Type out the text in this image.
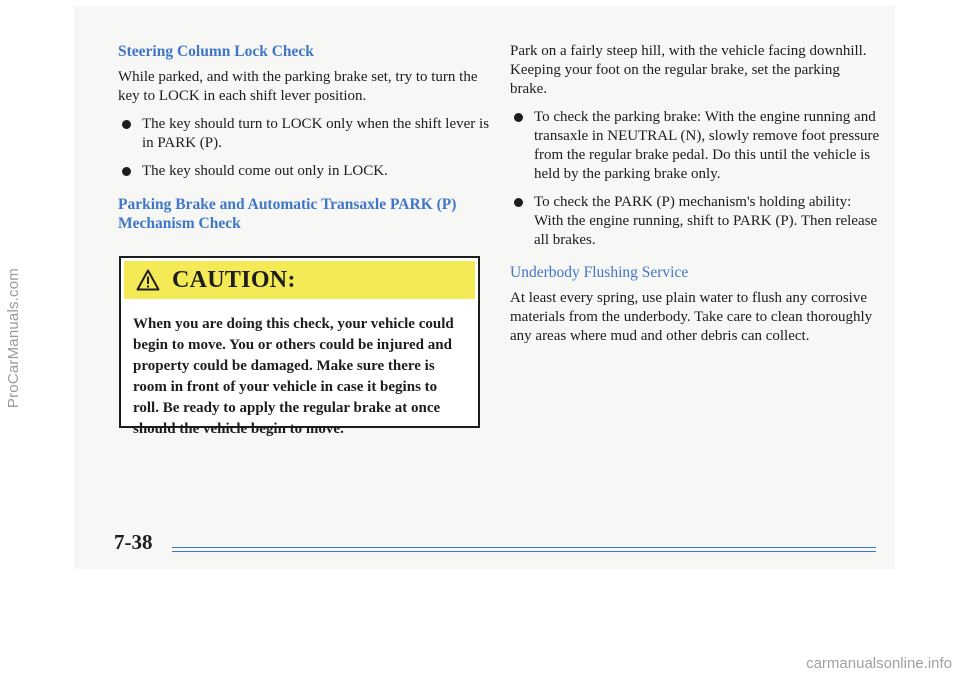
ProCarManuals.com
Steering Column Lock Check

While parked, and with the parking brake set, try to turn the key to LOCK in each shift lever position.

The key should turn to LOCK only when the shift lever is in PARK (P).
The key should come out only in LOCK.
Parking Brake and Automatic Transaxle PARK (P) Mechanism Check
CAUTION:
When you are doing this check, your vehicle could begin to move. You or others could be injured and property could be damaged. Make sure there is room in front of your vehicle in case it begins to roll. Be ready to apply the regular brake at once should the vehicle begin to move.

Park on a fairly steep hill, with the vehicle facing downhill. Keeping your foot on the regular brake, set the parking brake.

To check the parking brake: With the engine running and transaxle in NEUTRAL (N), slowly remove foot pressure from the regular brake pedal. Do this until the vehicle is held by the parking brake only.
To check the PARK (P) mechanism's holding ability: With the engine running, shift to PARK (P). Then release all brakes.
Underbody Flushing Service

At least every spring, use plain water to flush any corrosive materials from the underbody. Take care to clean thoroughly any areas where mud and other debris can collect.

7-38
carmanualsonline.info
